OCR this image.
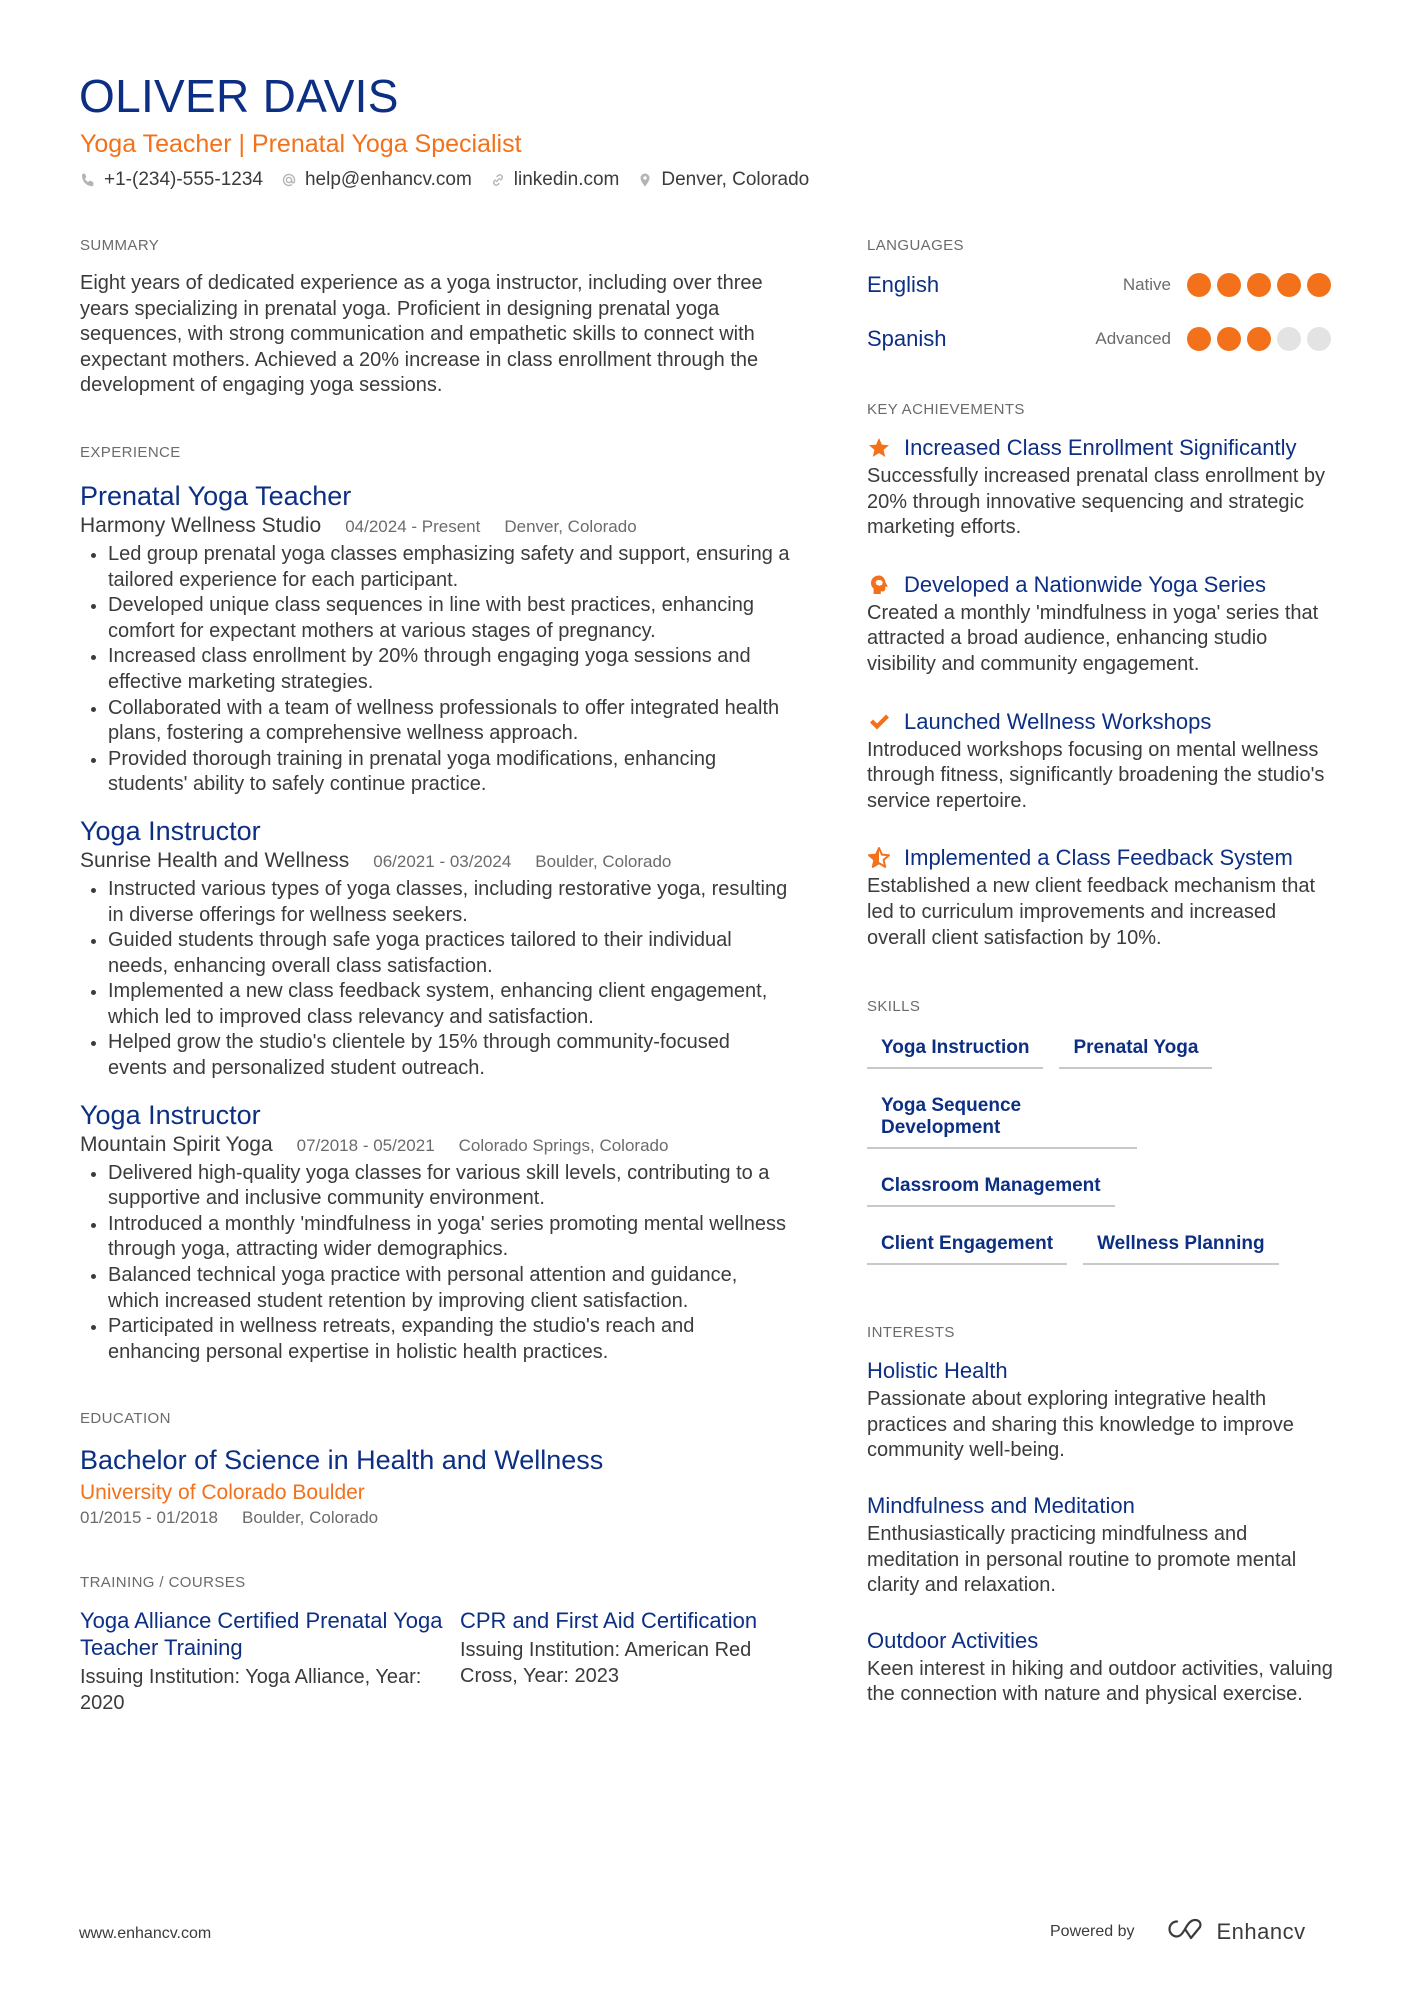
OLIVER DAVIS
Yoga Teacher | Prenatal Yoga Specialist
+1-(234)-555-1234 help@enhancv.com linkedin.com Denver, Colorado
SUMMARY

Eight years of dedicated experience as a yoga instructor, including over three years specializing in prenatal yoga. Proficient in designing prenatal yoga sequences, with strong communication and empathetic skills to connect with expectant mothers. Achieved a 20% increase in class enrollment through the development of engaging yoga sessions.

EXPERIENCE
Prenatal Yoga Teacher
Harmony Wellness Studio 04/2024 - Present Denver, Colorado
Led group prenatal yoga classes emphasizing safety and support, ensuring a tailored experience for each participant.
Developed unique class sequences in line with best practices, enhancing comfort for expectant mothers at various stages of pregnancy.
Increased class enrollment by 20% through engaging yoga sessions and effective marketing strategies.
Collaborated with a team of wellness professionals to offer integrated health plans, fostering a comprehensive wellness approach.
Provided thorough training in prenatal yoga modifications, enhancing students' ability to safely continue practice.
Yoga Instructor
Sunrise Health and Wellness 06/2021 - 03/2024 Boulder, Colorado
Instructed various types of yoga classes, including restorative yoga, resulting in diverse offerings for wellness seekers.
Guided students through safe yoga practices tailored to their individual needs, enhancing overall class satisfaction.
Implemented a new class feedback system, enhancing client engagement, which led to improved class relevancy and satisfaction.
Helped grow the studio's clientele by 15% through community-focused events and personalized student outreach.
Yoga Instructor
Mountain Spirit Yoga 07/2018 - 05/2021 Colorado Springs, Colorado
Delivered high-quality yoga classes for various skill levels, contributing to a supportive and inclusive community environment.
Introduced a monthly 'mindfulness in yoga' series promoting mental wellness through yoga, attracting wider demographics.
Balanced technical yoga practice with personal attention and guidance, which increased student retention by improving client satisfaction.
Participated in wellness retreats, expanding the studio's reach and enhancing personal expertise in holistic health practices.
EDUCATION
Bachelor of Science in Health and Wellness
University of Colorado Boulder
01/2015 - 01/2018 Boulder, Colorado
TRAINING / COURSES
Yoga Alliance Certified Prenatal Yoga Teacher Training
Issuing Institution: Yoga Alliance, Year: 2020
CPR and First Aid Certification
Issuing Institution: American Red Cross, Year: 2023
LANGUAGES
English	Native
Spanish	Advanced
KEY ACHIEVEMENTS
Increased Class Enrollment Significantly
Successfully increased prenatal class enrollment by 20% through innovative sequencing and strategic marketing efforts.
Developed a Nationwide Yoga Series
Created a monthly 'mindfulness in yoga' series that attracted a broad audience, enhancing studio visibility and community engagement.
Launched Wellness Workshops
Introduced workshops focusing on mental wellness through fitness, significantly broadening the studio's service repertoire.
Implemented a Class Feedback System
Established a new client feedback mechanism that led to curriculum improvements and increased overall client satisfaction by 10%.
SKILLS
Yoga Instruction	Prenatal Yoga
Yoga Sequence Development
Classroom Management
Client Engagement	Wellness Planning
INTERESTS
Holistic Health
Passionate about exploring integrative health practices and sharing this knowledge to improve community well-being.
Mindfulness and Meditation
Enthusiastically practicing mindfulness and meditation in personal routine to promote mental clarity and relaxation.
Outdoor Activities
Keen interest in hiking and outdoor activities, valuing the connection with nature and physical exercise.
www.enhancv.com	Powered by	Enhancv
